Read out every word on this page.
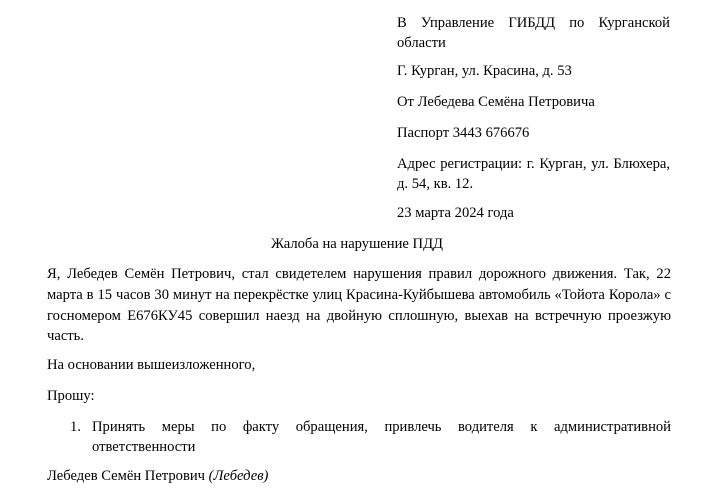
В Управление ГИБДД по Курганской области

Г. Курган, ул. Красина, д. 53

От Лебедева Семёна Петровича

Паспорт 3443 676676

Адрес регистрации: г. Курган, ул. Блюхера, д. 54, кв. 12.

23 марта 2024 года

Жалоба на нарушение ПДД

Я, Лебедев Семён Петрович, стал свидетелем нарушения правил дорожного движения. Так, 22 марта в 15 часов 30 минут на перекрёстке улиц Красина-Куйбышева автомобиль «Тойота Корола» с госномером Е676КУ45 совершил наезд на двойную сплошную, выехав на встречную проезжую часть.

На основании вышеизложенного,

Прошу:

1. Принять меры по факту обращения, привлечь водителя к административной ответственности

Лебедев Семён Петрович (Лебедев)
